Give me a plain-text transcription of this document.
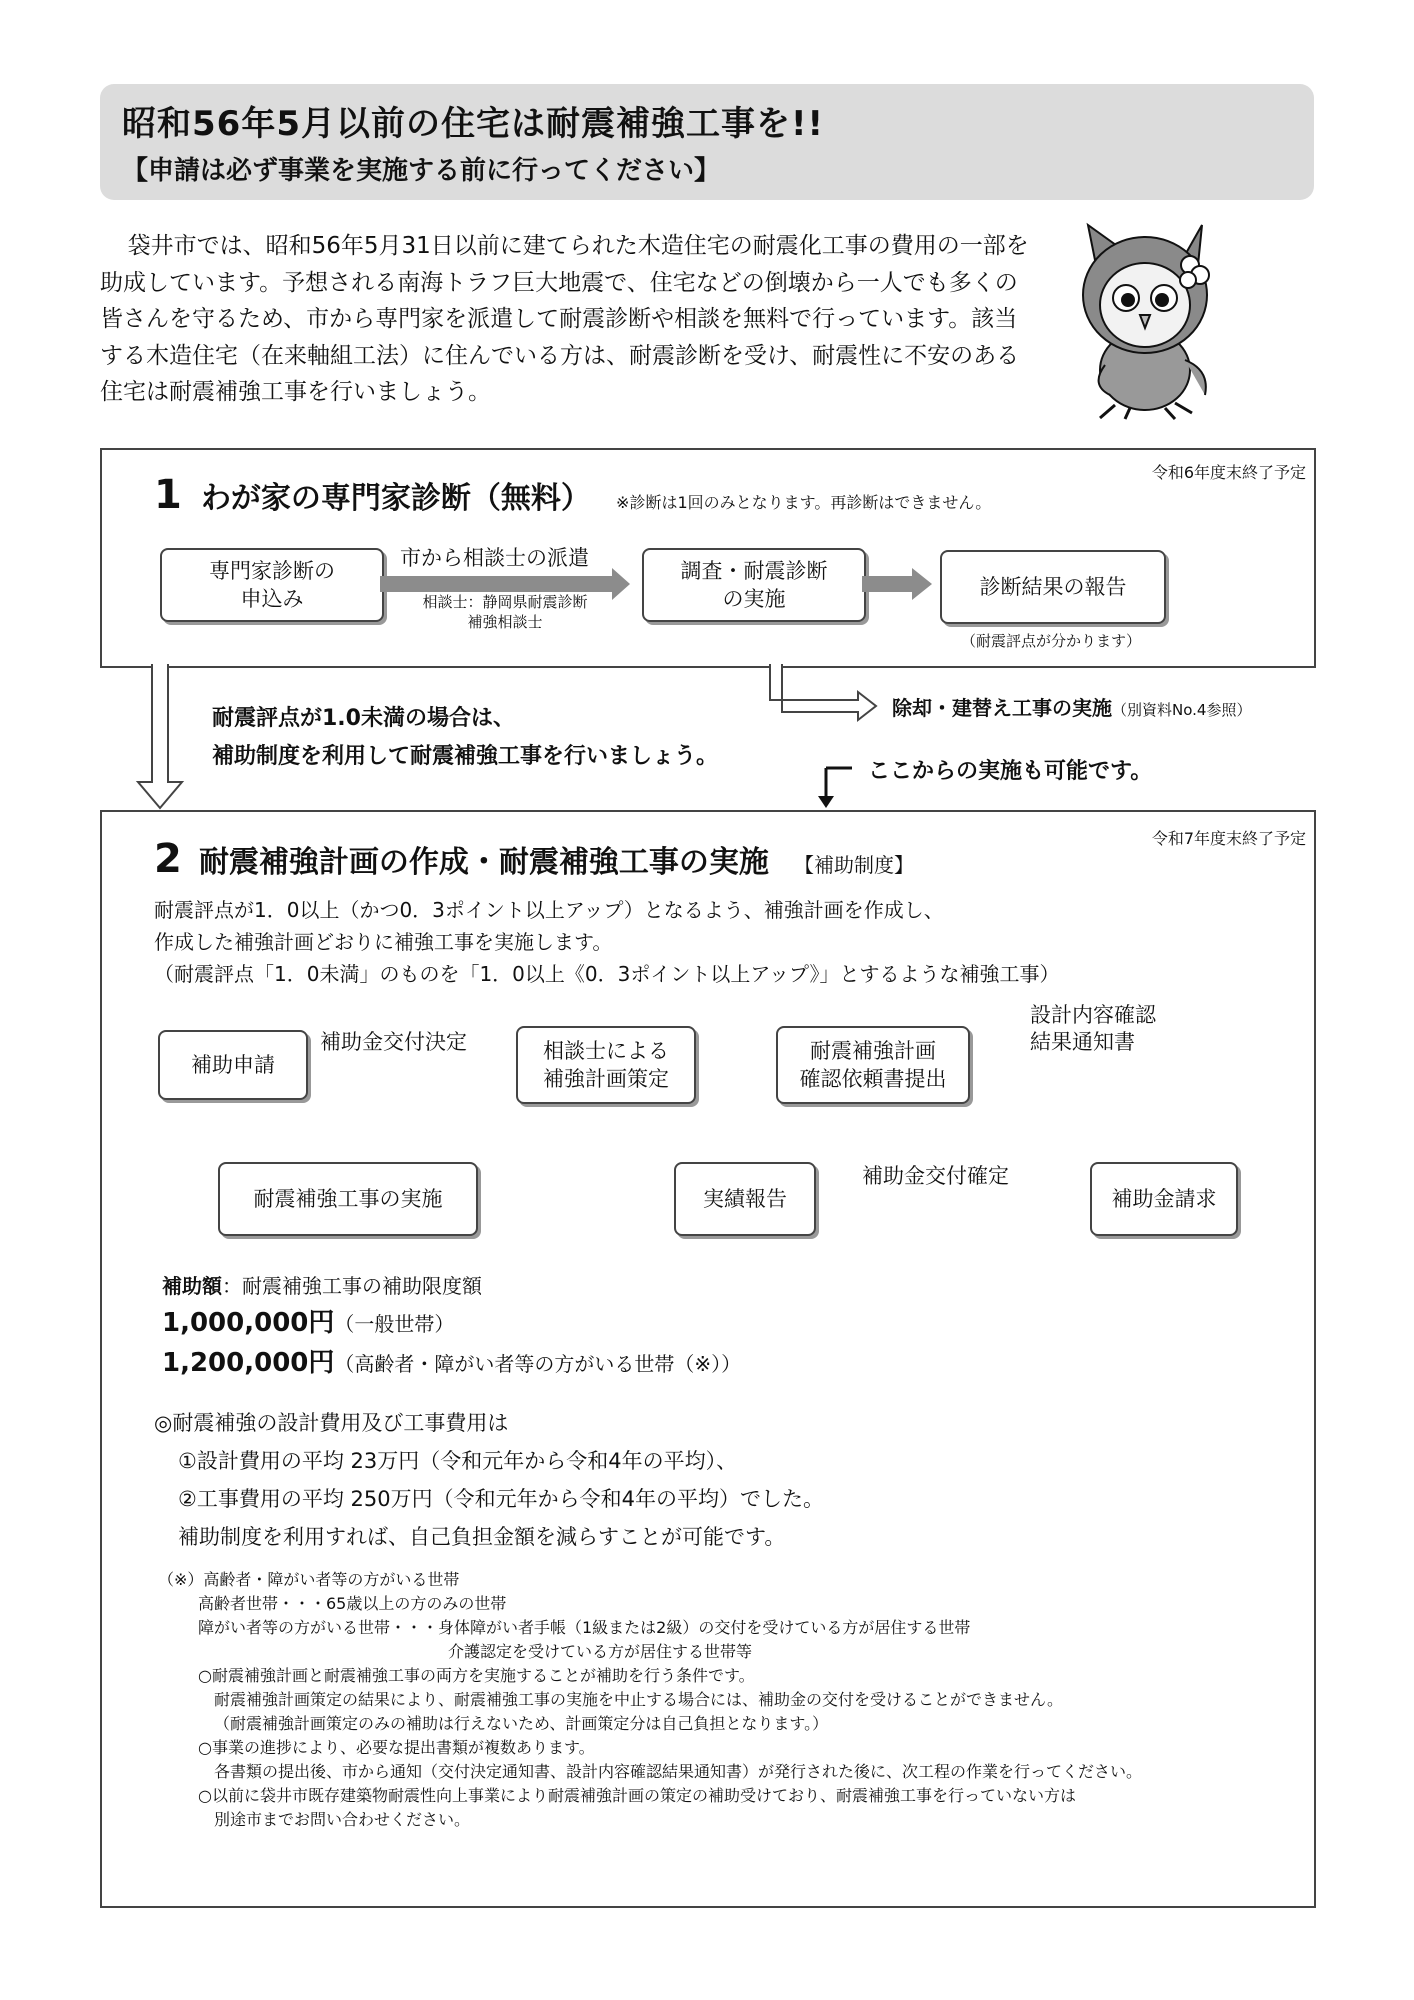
昭和56年5月以前の住宅は耐震補強工事を!!
【申請は必ず事業を実施する前に行ってください】

袋井市では、昭和56年5月31日以前に建てられた木造住宅の耐震化工事の費用の一部を助成しています。予想される南海トラフ巨大地震で、住宅などの倒壊から一人でも多くの皆さんを守るため、市から専門家を派遣して耐震診断や相談を無料で行っています。該当する木造住宅（在来軸組工法）に住んでいる方は、耐震診断を受け、耐震性に不安のある住宅は耐震補強工事を行いましょう。

令和6年度末終了予定
1 わが家の専門家診断（無料） ※診断は1回のみとなります。再診断はできません。
専門家診断の
申込み
調査・耐震診断
の実施	診断結果の報告
市から相談士の派遣
相談士：静岡県耐震診断
補強相談士
（耐震評点が分かります）
除却・建替え工事の実施（別資料No.4参照）
耐震評点が1.0未満の場合は、
補助制度を利用して耐震補強工事を行いましょう。
ここからの実施も可能です。
令和7年度末終了予定
2 耐震補強計画の作成・耐震補強工事の実施 【補助制度】
耐震評点が1．0以上（かつ0．3ポイント以上アップ）となるよう、補強計画を作成し、
作成した補強計画どおりに補強工事を実施します。
（耐震評点「1．0未満」のものを「1．0以上《0．3ポイント以上アップ》」とするような補強工事）
補助申請
補助金交付決定	相談士による
補強計画策定
耐震補強計画
確認依頼書提出
設計内容確認
結果通知書
耐震補強工事の実施	実績報告
補助金交付確定
補助金請求
補助額：耐震補強工事の補助限度額
1,000,000円（一般世帯）
1,200,000円（高齢者・障がい者等の方がいる世帯（※））
◎耐震補強の設計費用及び工事費用は
①設計費用の平均 23万円（令和元年から令和4年の平均）、
②工事費用の平均 250万円（令和元年から令和4年の平均）でした。
補助制度を利用すれば、自己負担金額を減らすことが可能です。
（※）高齢者・障がい者等の方がいる世帯
高齢者世帯・・・65歳以上の方のみの世帯
障がい者等の方がいる世帯・・・身体障がい者手帳（1級または2級）の交付を受けている方が居住する世帯
介護認定を受けている方が居住する世帯等
○耐震補強計画と耐震補強工事の両方を実施することが補助を行う条件です。
耐震補強計画策定の結果により、耐震補強工事の実施を中止する場合には、補助金の交付を受けることができません。
（耐震補強計画策定のみの補助は行えないため、計画策定分は自己負担となります。）
○事業の進捗により、必要な提出書類が複数あります。
各書類の提出後、市から通知（交付決定通知書、設計内容確認結果通知書）が発行された後に、次工程の作業を行ってください。
○以前に袋井市既存建築物耐震性向上事業により耐震補強計画の策定の補助受けており、耐震補強工事を行っていない方は
別途市までお問い合わせください。
